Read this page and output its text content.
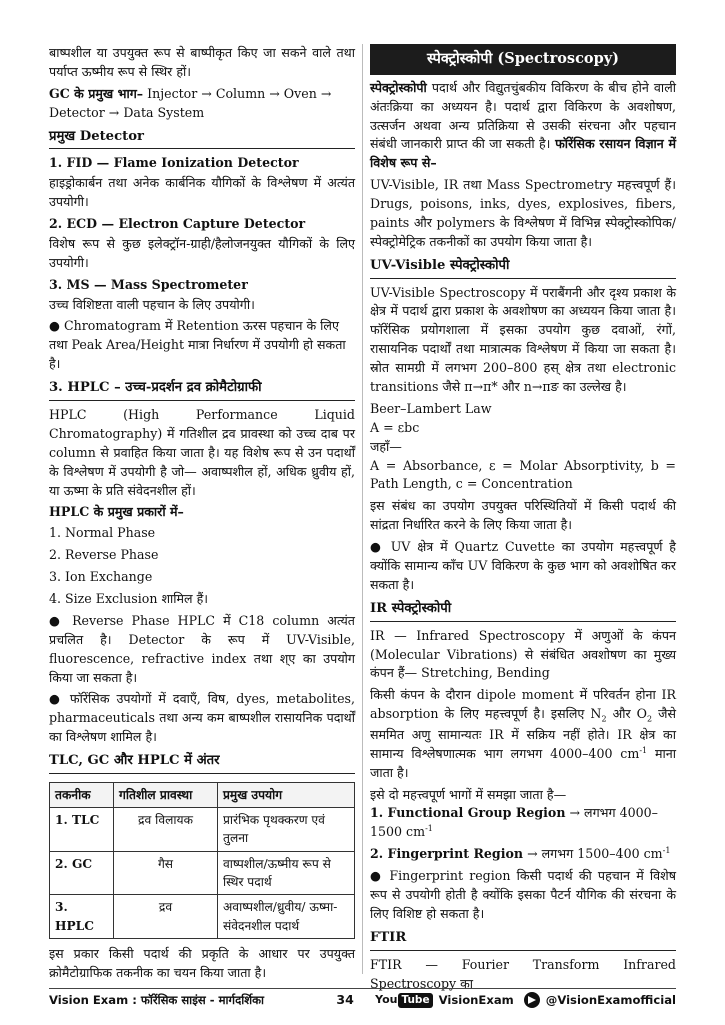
बाष्पशील या उपयुक्त रूप से बाष्पीकृत किए जा सकने वाले तथा पर्याप्त ऊष्मीय रूप से स्थिर हों।

GC के प्रमुख भाग– Injector → Column → Oven → Detector → Data System

प्रमुख Detector
1. FID — Flame Ionization Detector

हाइड्रोकार्बन तथा अनेक कार्बनिक यौगिकों के विश्लेषण में अत्यंत उपयोगी।

2. ECD — Electron Capture Detector

विशेष रूप से कुछ इलेक्ट्रॉन-ग्राही/हैलोजनयुक्त यौगिकों के लिए उपयोगी।

3. MS — Mass Spectrometer

उच्च विशिष्टता वाली पहचान के लिए उपयोगी।

● Chromatogram में Retention ऊरस पहचान के लिए तथा Peak Area/Height मात्रा निर्धारण में उपयोगी हो सकता है।

3. HPLC – उच्च-प्रदर्शन द्रव क्रोमैटोग्राफी

HPLC (High Performance Liquid Chromatography) में गतिशील द्रव प्रावस्था को उच्च दाब पर column से प्रवाहित किया जाता है। यह विशेष रूप से उन पदार्थों के विश्लेषण में उपयोगी है जो— अवाष्पशील हों, अधिक ध्रुवीय हों, या ऊष्मा के प्रति संवेदनशील हों।

HPLC के प्रमुख प्रकारों में–
1. Normal Phase
2. Reverse Phase
3. Ion Exchange
4. Size Exclusion शामिल हैं।

● Reverse Phase HPLC में C18 column अत्यंत प्रचलित है। Detector के रूप में UV-Visible, fluorescence, refractive index तथा श्ए का उपयोग किया जा सकता है।

● फॉरेंसिक उपयोगों में दवाएँ, विष, dyes, metabolites, pharmaceuticals तथा अन्य कम बाष्पशील रासायनिक पदार्थों का विश्लेषण शामिल है।

TLC, GC और HPLC में अंतर
तकनीक	गतिशील प्रावस्था	प्रमुख उपयोग
1. TLC	द्रव विलायक	प्रारंभिक पृथक्करण एवं तुलना
2. GC	गैस	वाष्पशील/ऊष्मीय रूप से स्थिर पदार्थ
3. HPLC	द्रव	अवाष्पशील/ध्रुवीय/ ऊष्मा-संवेदनशील पदार्थ

इस प्रकार किसी पदार्थ की प्रकृति के आधार पर उपयुक्त क्रोमैटोग्राफिक तकनीक का चयन किया जाता है।

स्पेक्ट्रोस्कोपी (Spectroscopy)

स्पेक्ट्रोस्कोपी पदार्थ और विद्युतचुंबकीय विकिरण के बीच होने वाली अंतःक्रिया का अध्ययन है। पदार्थ द्वारा विकिरण के अवशोषण, उत्सर्जन अथवा अन्य प्रतिक्रिया से उसकी संरचना और पहचान संबंधी जानकारी प्राप्त की जा सकती है। फॉरेंसिक रसायन विज्ञान में विशेष रूप से–

UV-Visible, IR तथा Mass Spectrometry महत्त्वपूर्ण हैं। Drugs, poisons, inks, dyes, explosives, fibers, paints और polymers के विश्लेषण में विभिन्न स्पेक्ट्रोस्कोपिक/ स्पेक्ट्रोमेट्रिक तकनीकों का उपयोग किया जाता है।

UV-Visible स्पेक्ट्रोस्कोपी

UV-Visible Spectroscopy में पराबैंगनी और दृश्य प्रकाश के क्षेत्र में पदार्थ द्वारा प्रकाश के अवशोषण का अध्ययन किया जाता है। फॉरेंसिक प्रयोगशाला में इसका उपयोग कुछ दवाओं, रंगों, रासायनिक पदार्थों तथा मात्रात्मक विश्लेषण में किया जा सकता है। स्रोत सामग्री में लगभग 200–800 हस् क्षेत्र तथा electronic transitions जैसे π→π* और n→πङ का उल्लेख है।

Beer–Lambert Law
A = εbc
जहाँ—

A = Absorbance, ε = Molar Absorptivity, b = Path Length, c = Concentration

इस संबंध का उपयोग उपयुक्त परिस्थितियों में किसी पदार्थ की सांद्रता निर्धारित करने के लिए किया जाता है।

● UV क्षेत्र में Quartz Cuvette का उपयोग महत्त्वपूर्ण है क्योंकि सामान्य काँच UV विकिरण के कुछ भाग को अवशोषित कर सकता है।

IR स्पेक्ट्रोस्कोपी

IR — Infrared Spectroscopy में अणुओं के कंपन (Molecular Vibrations) से संबंधित अवशोषण का मुख्य कंपन हैं— Stretching, Bending

किसी कंपन के दौरान dipole moment में परिवर्तन होना IR absorption के लिए महत्त्वपूर्ण है। इसलिए $N_2$ और $O_2$ जैसे सममित अणु सामान्यतः IR में सक्रिय नहीं होते। IR क्षेत्र का सामान्य विश्लेषणात्मक भाग लगभग 4000–400 $cm^{-1}$ माना जाता है।

इसे दो महत्त्वपूर्ण भागों में समझा जाता है—

1. Functional Group Region → लगभग 4000–1500 $cm^{-1}$

2. Fingerprint Region → लगभग 1500–400 $cm^{-1}$

● Fingerprint region किसी पदार्थ की पहचान में विशेष रूप से उपयोगी होती है क्योंकि इसका पैटर्न यौगिक की संरचना के लिए विशिष्ट हो सकता है।

FTIR

FTIR — Fourier Transform Infrared Spectroscopy का

Vision Exam : फॉरेंसिक साइंस - मार्गदर्शिका	34	You Tube VisionExam	@VisionExamofficial
